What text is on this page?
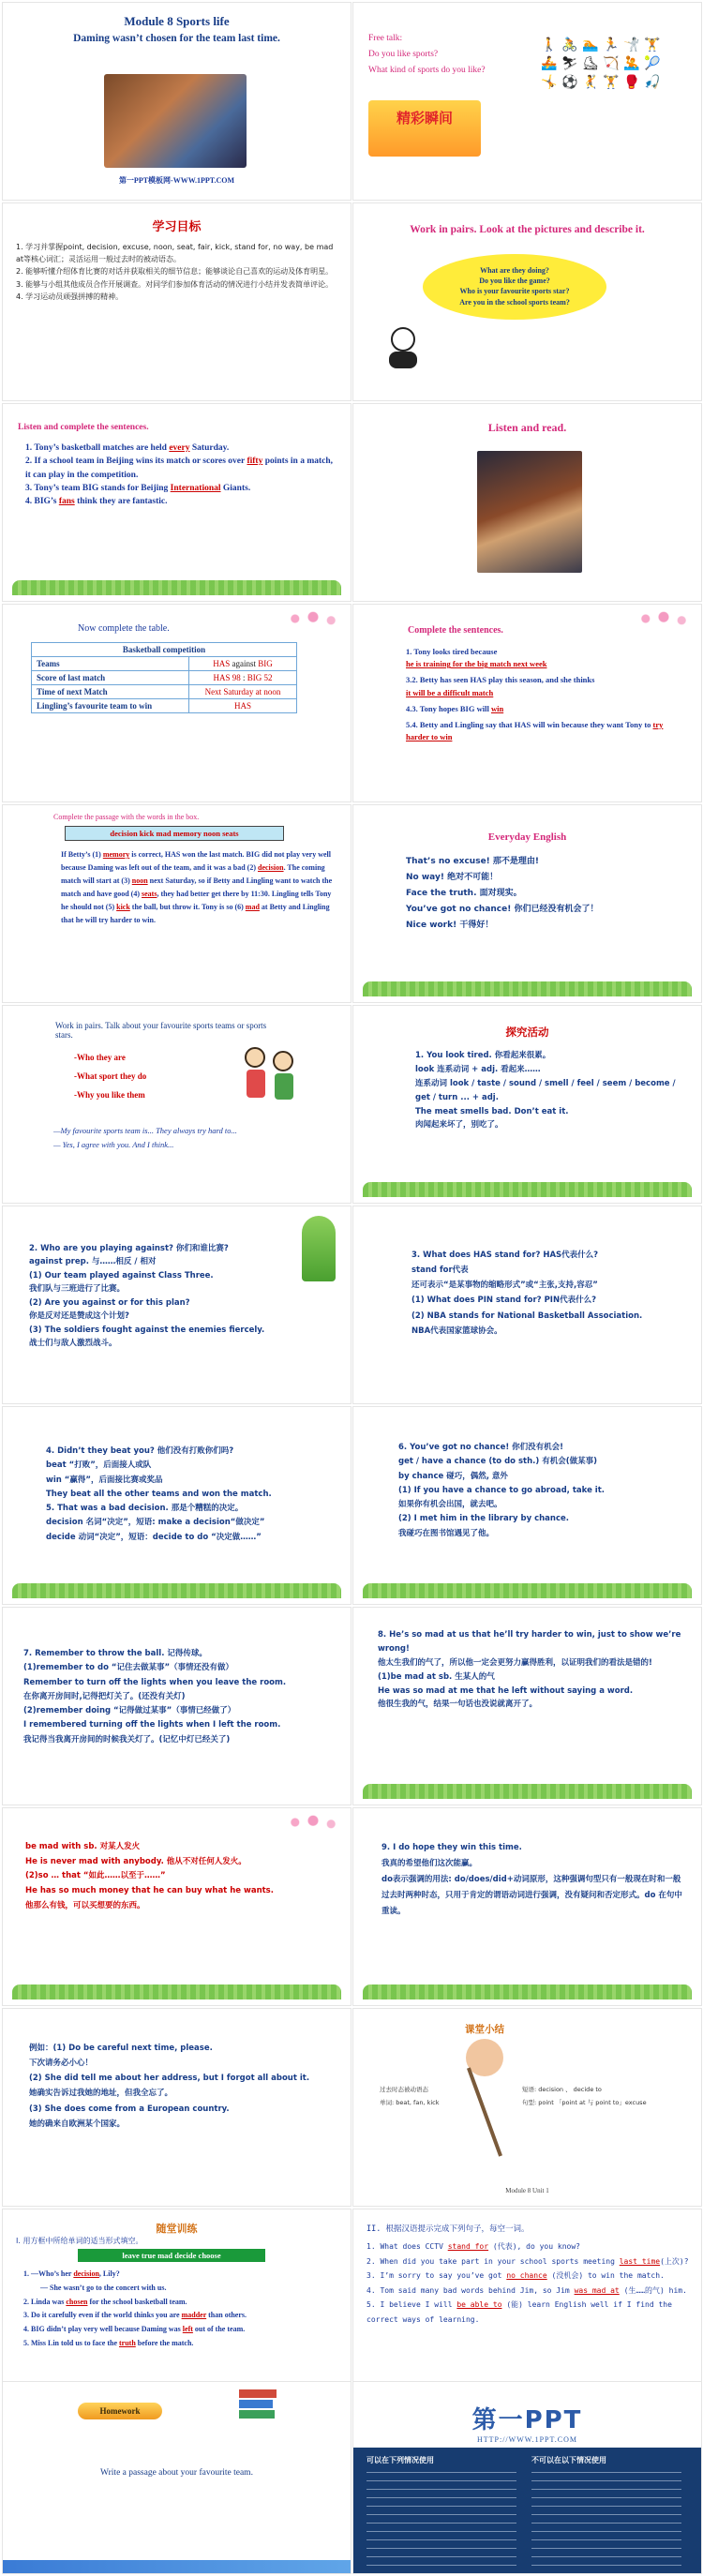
Module 8 Sports life
Daming wasn’t chosen for the team last time.
第一PPT模板网-WWW.1PPT.COM
Free talk:
Do you like sports?
What kind of sports do you like?
精彩瞬间
🚶 🚴 🏊 🏃 🤺 🏋
🚣 ⛷ ⛸ 🏹 🤽 🎾
🤸 ⚽ 🤾 🏋 🥊 🎣
学习目标
1. 学习并掌握point, decision, excuse, noon, seat, fair, kick, stand for, no way, be mad at等核心词汇；灵活运用一般过去时的被动语态。
2. 能够听懂介绍体育比赛的对话并获取相关的细节信息；能够谈论自己喜欢的运动及体育明星。
3. 能够与小组其他成员合作开展调查。对同学们参加体育活动的情况进行小结并发表简单评论。
4. 学习运动员顽强拼搏的精神。
Work in pairs. Look at the pictures and describe it.
What are they doing?
Do you like the game?
Who is your favourite sports star?
Are you in the school sports team?
Listen and complete the sentences.
1. Tony’s basketball matches are held every Saturday.
2. If a school team in Beijing wins its match or scores over fifty points in a match, it can play in the competition.
3. Tony’s team BIG stands for Beijing International Giants.
4. BIG’s fans think they are fantastic.
Listen and read.
Now complete the table.
Basketball competition	
Teams	HAS against BIG
Score of last match	HAS 98 : BIG 52
Time of next Match	Next Saturday at noon
Lingling’s favourite team to win	HAS
Complete the sentences.
1. Tony looks tired because
he is training for the big match next week
3.2. Betty has seen HAS play this season, and she thinks
it will be a difficult match
4.3. Tony hopes BIG will win
5.4. Betty and Lingling say that HAS will win because they want Tony to try harder to win
Complete the passage with the words in the box.
decision kick mad memory noon seats
If Betty’s (1) memory is correct, HAS won the last match. BIG did not play very well because Daming was left out of the team, and it was a bad (2) decision. The coming match will start at (3) noon next Saturday, so if Betty and Lingling want to watch the match and have good (4) seats, they had better get there by 11:30. Lingling tells Tony he should not (5) kick the ball, but throw it. Tony is so (6) mad at Betty and Lingling that he will try harder to win.
Everyday English
That’s no excuse! 那不是理由!
No way! 绝对不可能！
Face the truth. 面对现实。
You’ve got no chance! 你们已经没有机会了！
Nice work! 干得好！
Work in pairs. Talk about your favourite sports teams or sports stars.
-Who they are
-What sport they do
-Why you like them
—My favourite sports team is... They always try hard to...
— Yes, I agree with you. And I think...
探究活动
1. You look tired. 你看起来很累。
look 连系动词 + adj. 看起来……
连系动词 look / taste / sound / smell / feel / seem / become / get / turn ... + adj.
The meat smells bad. Don’t eat it.
肉闻起来坏了，别吃了。
2. Who are you playing against? 你们和谁比赛?
against prep. 与……相反 / 相对
(1) Our team played against Class Three.
我们队与三班进行了比赛。
(2) Are you against or for this plan?
你是反对还是赞成这个计划?
(3) The soldiers fought against the enemies fiercely.
战士们与敌人激烈战斗。
3. What does HAS stand for? HAS代表什么?
stand for代表
还可表示“是某事物的缩略形式”或“主张,支持,容忍”
(1) What does PIN stand for? PIN代表什么?
(2) NBA stands for National Basketball Association.
NBA代表国家篮球协会。
4. Didn’t they beat you? 他们没有打败你们吗?
beat “打败”，后面接人或队
win “赢得”，后面接比赛或奖品
They beat all the other teams and won the match.
5. That was a bad decision. 那是个糟糕的决定。
decision 名词“决定”，短语: make a decision“做决定”
decide 动词“决定”，短语：decide to do “决定做……”
6. You’ve got no chance! 你们没有机会!
get / have a chance (to do sth.) 有机会(做某事)
by chance 碰巧，偶然, 意外
(1) If you have a chance to go abroad, take it.
如果你有机会出国，就去吧。
(2) I met him in the library by chance.
我碰巧在图书馆遇见了他。
7. Remember to throw the ball. 记得传球。
(1)remember to do “记住去做某事”（事情还没有做）
Remember to turn off the lights when you leave the room.
在你离开房间时,记得把灯关了。(还没有关灯)
(2)remember doing “记得做过某事”（事情已经做了）
I remembered turning off the lights when I left the room.
我记得当我离开房间的时候我关灯了。(记忆中灯已经关了)
8. He’s so mad at us that he’ll try harder to win, just to show we’re wrong!
他太生我们的气了，所以他一定会更努力赢得胜利，以证明我们的看法是错的!
(1)be mad at sb. 生某人的气
He was so mad at me that he left without saying a word.
他很生我的气，结果一句话也没说就离开了。
be mad with sb. 对某人发火
He is never mad with anybody. 他从不对任何人发火。
(2)so … that “如此……以至于……”
He has so much money that he can buy what he wants.
他那么有钱，可以买想要的东西。
9. I do hope they win this time.
我真的希望他们这次能赢。
do表示强调的用法: do/does/did+动词原形，这种强调句型只有一般现在时和一般过去时两种时态，只用于肯定的谓语动词进行强调，没有疑问和否定形式。do 在句中重读。
例如：(1) Do be careful next time, please.
下次请务必小心！
(2) She did tell me about her address, but I forgot all about it.
她确实告诉过我她的地址，但我全忘了。
(3) She does come from a European country.
她的确来自欧洲某个国家。
课堂小结
过去时态被动语态
单词: beat, fan, kick
短语: decision 、 decide to
句型: point 「point at 与 point to」excuse
Module 8 Unit 1
随堂训练
I. 用方框中所给单词的适当形式填空。
leave true mad decide choose
1. —Who’s her decision, Lily?
— She wasn’t go to the concert with us.
2. Linda was chosen for the school basketball team.
3. Do it carefully even if the world thinks you are madder than others.
4. BIG didn’t play very well because Daming was left out of the team.
5. Miss Lin told us to face the truth before the match.
II. 根据汉语提示完成下列句子，每空一词。
1. What does CCTV stand for (代表), do you know?
2. When did you take part in your school sports meeting last time(上次)?
3. I’m sorry to say you’ve got no chance (没机会) to win the match.
4. Tom said many bad words behind Jim, so Jim was mad at (生……的气) him.
5. I believe I will be able to (能) learn English well if I find the correct ways of learning.
Homework
Write a passage about your favourite team.
第一PPT
HTTP://WWW.1PPT.COM
可以在下列情况使用	不可以在以下情况使用
